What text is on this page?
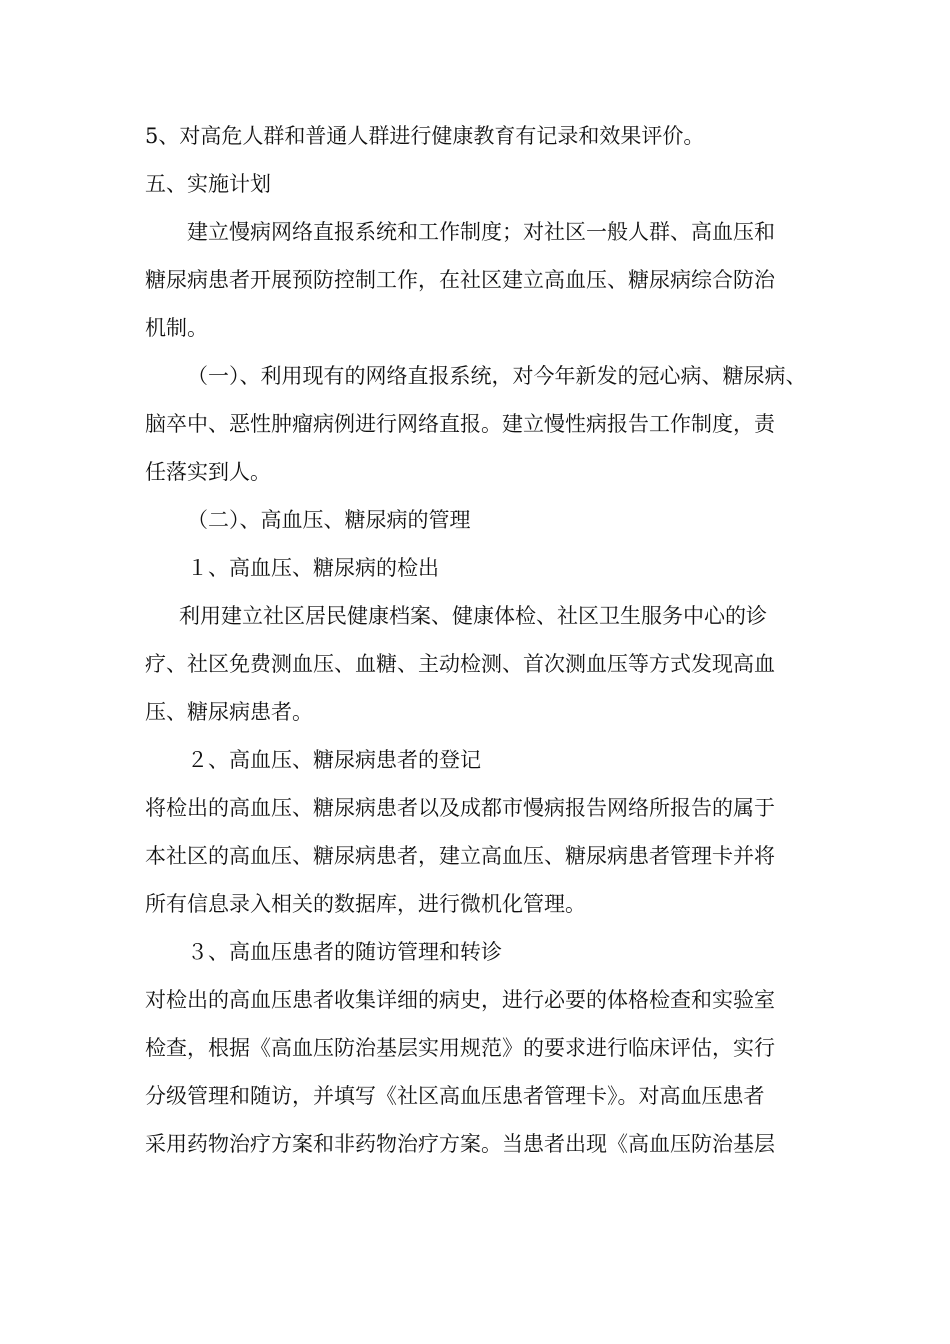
5、对高危人群和普通人群进行健康教育有记录和效果评价。
五、实施计划
建立慢病网络直报系统和工作制度；对社区一般人群、高血压和
糖尿病患者开展预防控制工作，在社区建立高血压、糖尿病综合防治
机制。
（一）、利用现有的网络直报系统，对今年新发的冠心病、糖尿病、
脑卒中、恶性肿瘤病例进行网络直报。建立慢性病报告工作制度，责
任落实到人。
（二）、高血压、糖尿病的管理
１、高血压、糖尿病的检出
利用建立社区居民健康档案、健康体检、社区卫生服务中心的诊
疗、社区免费测血压、血糖、主动检测、首次测血压等方式发现高血
压、糖尿病患者。
２、高血压、糖尿病患者的登记
将检出的高血压、糖尿病患者以及成都市慢病报告网络所报告的属于
本社区的高血压、糖尿病患者，建立高血压、糖尿病患者管理卡并将
所有信息录入相关的数据库，进行微机化管理。
３、高血压患者的随访管理和转诊
对检出的高血压患者收集详细的病史，进行必要的体格检查和实验室
检查，根据《高血压防治基层实用规范》的要求进行临床评估，实行
分级管理和随访，并填写《社区高血压患者管理卡》。对高血压患者
采用药物治疗方案和非药物治疗方案。当患者出现《高血压防治基层
